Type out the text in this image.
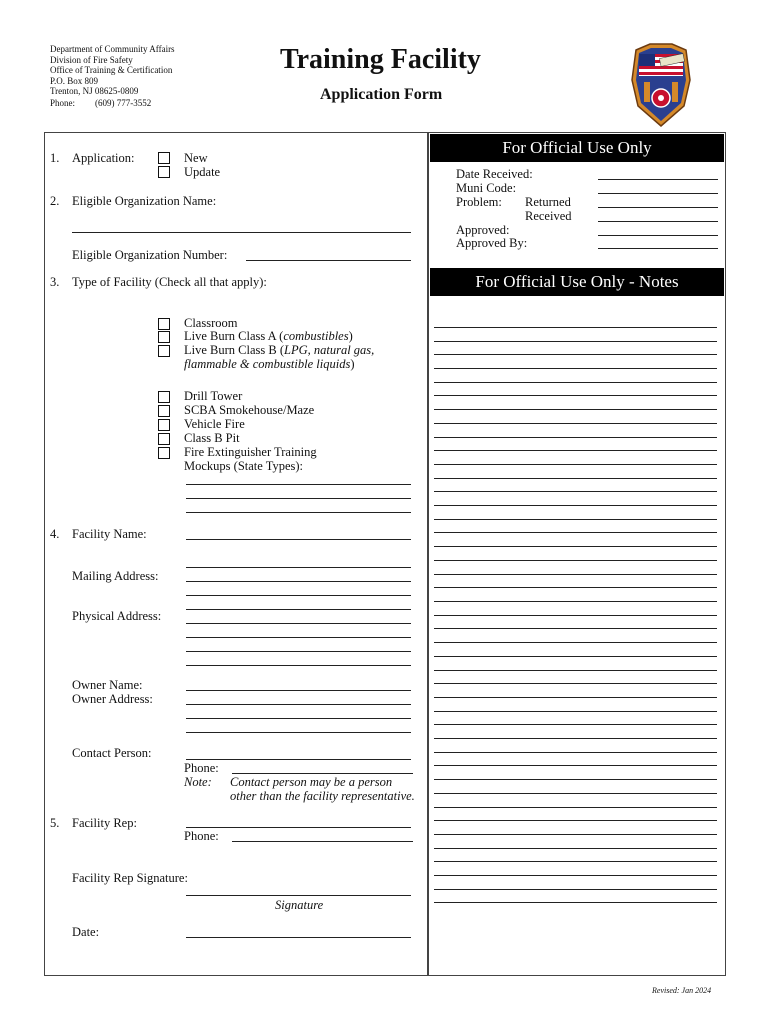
Department of Community Affairs
Division of Fire Safety
Office of Training & Certification
P.O. Box 809
Trenton, NJ 08625-0809
Phone: (609) 777-3552
Training Facility
Application Form
1. Application:	New
Update
2. Eligible Organization Name:
Eligible Organization Number:
3. Type of Facility (Check all that apply):
Classroom
Live Burn Class A (combustibles)
Live Burn Class B (LPG, natural gas,
flammable & combustible liquids)
Drill Tower
SCBA Smokehouse/Maze
Vehicle Fire
Class B Pit
Fire Extinguisher Training
Mockups (State Types):
4. Facility Name:
Mailing Address:
Physical Address:
Owner Name:
Owner Address:
Contact Person:
Phone:
Note: Contact person may be a person
other than the facility representative.
5. Facility Rep:
Phone:
Facility Rep Signature:
Signature
Date:
For Official Use Only
Date Received:
Muni Code:
Problem: Returned
Received
Approved:
Approved By:
For Official Use Only - Notes
Revised: Jan 2024
